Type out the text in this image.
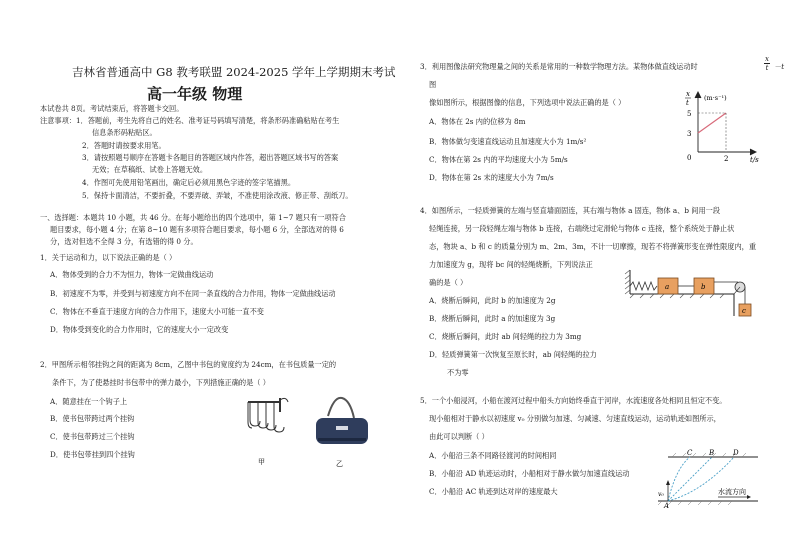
吉林省普通高中 G8 教考联盟 2024-2025 学年上学期期末考试
高一年级 物理
本试卷共 8页。考试结束后，将答题卡交回。
注意事项：1．答题前，考生先将自己的姓名、准考证号码填写清楚，将条形码准确粘贴在考生
信息条形码粘贴区。
2．答题时请按要求用笔。
3．请按照题号顺序在答题卡各题目的答题区域内作答，超出答题区域书写的答案
无效；在草稿纸、试卷上答题无效。
4．作图可先使用铅笔画出，确定后必须用黑色字迹的签字笔描黑。
5．保持卡面清洁，不要折叠，不要弄破、弄皱，不准使用涂改液、修正带、刮纸刀。
一、选择题：本题共 10 小题，共 46 分。在每小题给出的四个选项中，第 1~7 题只有一项符合
题目要求，每小题 4 分；在第 8~10 题有多项符合题目要求，每小题 6 分，全部选对的得 6
分，选对但选不全得 3 分，有选错的得 0 分。
1．关于运动和力，以下说法正确的是（ ）
A．物体受到的合力不为恒力，物体一定做曲线运动
B．初速度不为零，并受到与初速度方向不在同一条直线的合力作用，物体一定做曲线运动
C．物体在不垂直于速度方向的合力作用下，速度大小可能一直不变
D．物体受到变化的合力作用时，它的速度大小一定改变
2．甲图所示相邻挂钩之间的距离为 8cm，乙图中书包的宽度约为 24cm，在书包质量一定的
条件下，为了使悬挂时书包带中的弹力最小，下列措施正确的是（ ）
A．随意挂在一个钩子上
B．使书包带跨过两个挂钩
C．使书包带跨过三个挂钩
D．使书包带挂到四个挂钩
甲	乙
3．利用图像法研究物理量之间的关系是常用的一种数学物理方法。某物体做直线运动时	$\frac{x}{t} -t$
图
像如图所示，根据图像的信息，下列选项中说法正确的是（ ）
A．物体在 2s 内的位移为 8m
B．物体做匀变速直线运动且加速度大小为 1m/s²
C．物体在第 2s 内的平均速度大小为 5m/s
D．物体在第 2s 末的速度大小为 7m/s
x
t
(m·s⁻¹)
5
3
0	2	t/s
4．如图所示，一轻质弹簧的左端与竖直墙面固连，其右端与物体 a 固连，物体 a、b 间用一段
轻绳连接，另一段轻绳左端与物体 b 连接，右端绕过定滑轮与物体 c 连接，整个系统处于静止状
态，物块 a、b 和 c 的质量分别为 m、2m、3m，不计一切摩擦，现若不将弹簧形变在弹性限度内，重
力加速度为 g，现将 bc 间的轻绳烧断，下列说法正
确的是（ ）
A．烧断后瞬间，此时 b 的加速度为 2g
B．烧断后瞬间，此时 a 的加速度为 3g
C．烧断后瞬间，此时 ab 间轻绳的拉力为 3mg
D．轻质弹簧第一次恢复至原长时，ab 间轻绳的拉力
不为零
a	b
c
5．一个小船浸河，小船在渡河过程中船头方向始终垂直于河岸，水流速度各处相同且恒定不变。
现小船相对于静水以初速度 v₀ 分别做匀加速、匀减速、匀速直线运动，运动轨迹如图所示，
由此可以判断（ ）
A．小船沿三条不同路径渡河的时间相同
B．小船沿 AD 轨迹运动时，小船相对于静水做匀加速直线运动
C．小船沿 AC 轨迹到达对岸的速度最大
C B	D
A
v₀	水流方向
